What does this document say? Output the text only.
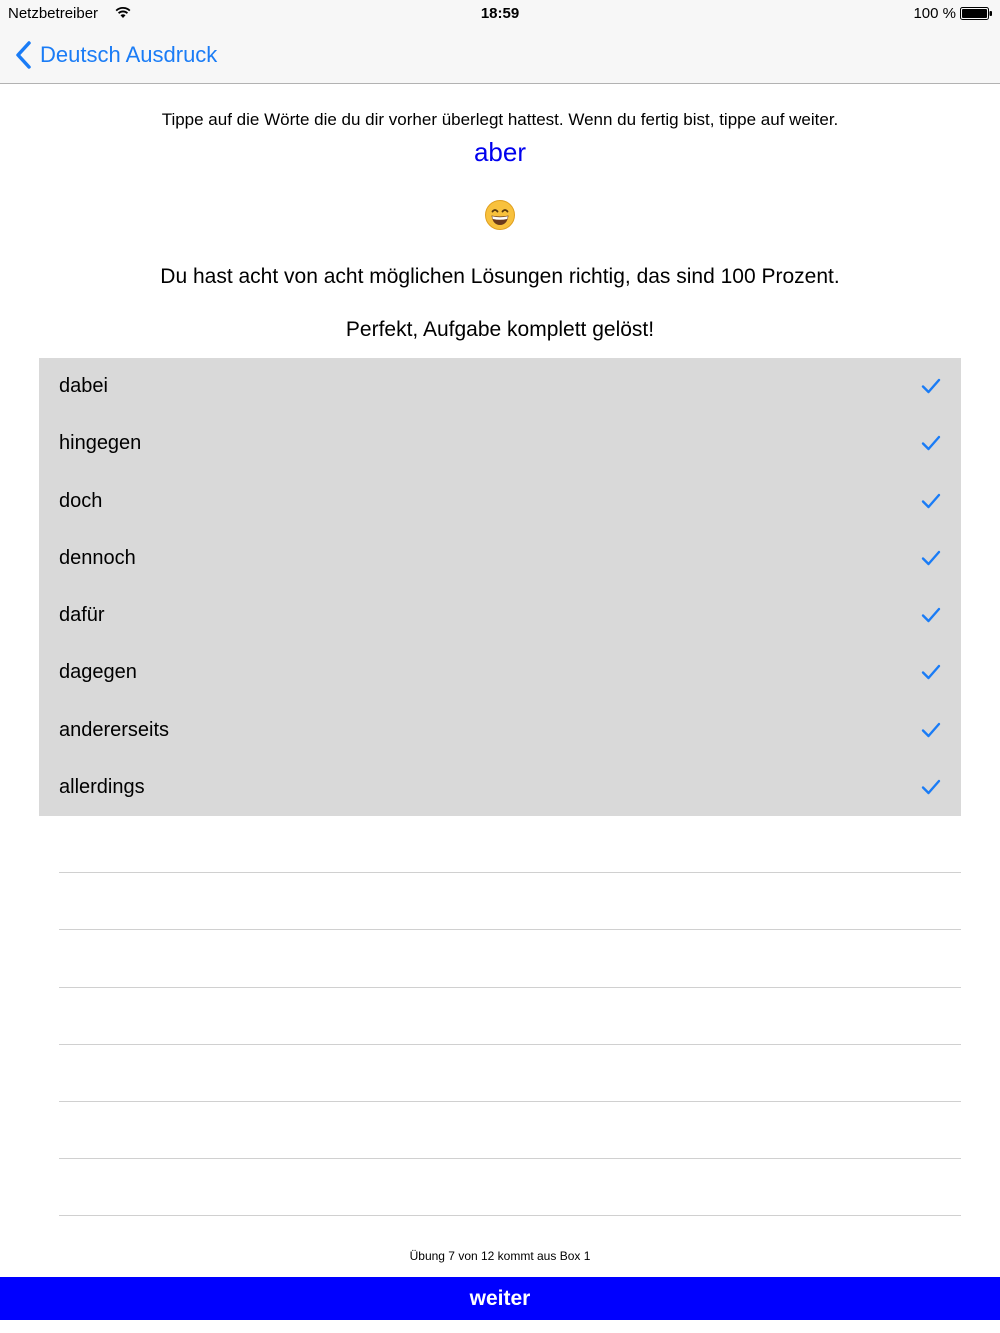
Netzbetreiber	18:59	100 %
Deutsch Ausdruck
Tippe auf die Wörte die du dir vorher überlegt hattest. Wenn du fertig bist, tippe auf weiter.
aber
Du hast acht von acht möglichen Lösungen richtig, das sind 100 Prozent.
Perfekt, Aufgabe komplett gelöst!
dabei
hingegen
doch
dennoch
dafür
dagegen
andererseits
allerdings
Übung 7 von 12 kommt aus Box 1
weiter
